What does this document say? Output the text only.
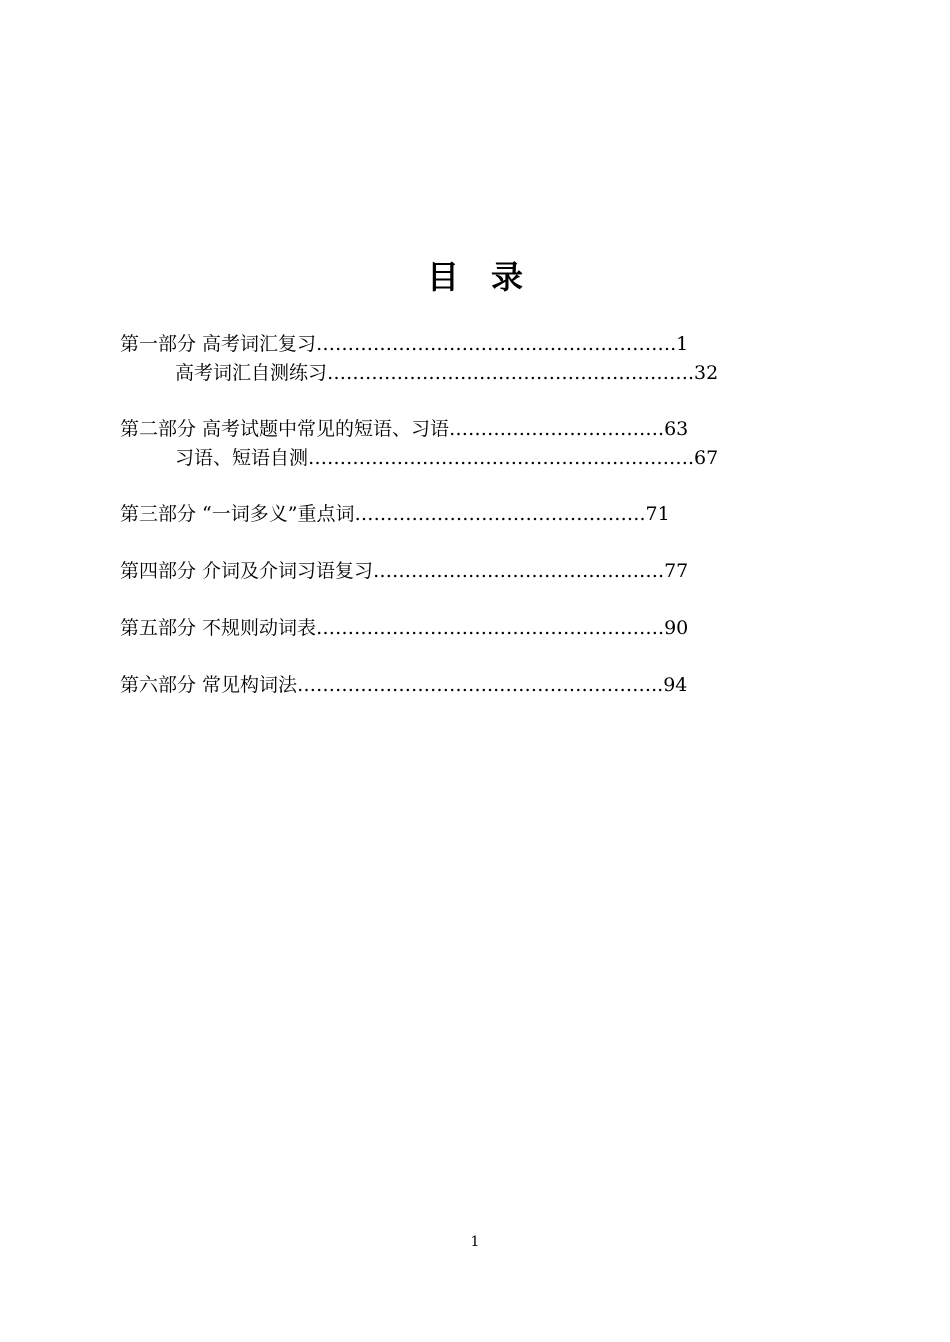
目　录
第一部分 高考词汇复习……………………………..………………….1
高考词汇自测练习………………………………………………….32
第二部分 高考试题中常见的短语、习语…………………………….63
习语、短语自测…………………………………………………….67
第三部分 “一词多义”重点词……………………………………….71
第四部分 介词及介词习语复习……………………………………….77
第五部分 不规则动词表……………………………………………….90
第六部分 常见构词法…………………………..……………………..94
1
